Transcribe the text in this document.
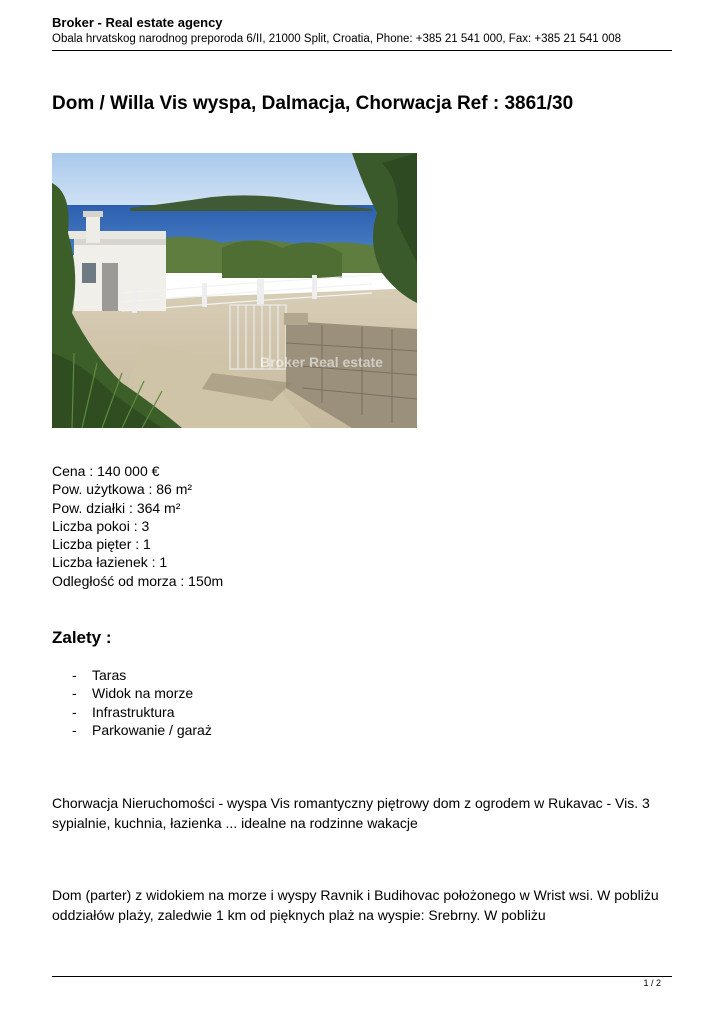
Broker - Real estate agency
Obala hrvatskog narodnog preporoda 6/II, 21000 Split, Croatia, Phone: +385 21 541 000, Fax: +385 21 541 008
Dom / Willa Vis wyspa, Dalmacja, Chorwacja Ref : 3861/30
Broker Real estate
Cena : 140 000 €
Pow. użytkowa : 86 m²
Pow. działki : 364 m²
Liczba pokoi : 3
Liczba pięter : 1
Liczba łazienek : 1
Odległość od morza : 150m
Zalety :
- Taras
- Widok na morze
- Infrastruktura
- Parkowanie / garaż

Chorwacja Nieruchomości - wyspa Vis romantyczny piętrowy dom z ogrodem w Rukavac - Vis. 3 sypialnie, kuchnia, łazienka ... idealne na rodzinne wakacje

Dom (parter) z widokiem na morze i wyspy Ravnik i Budihovac położonego w Wrist wsi. W pobliżu oddziałów plaży, zaledwie 1 km od pięknych plaż na wyspie: Srebrny. W pobliżu

1 / 2
